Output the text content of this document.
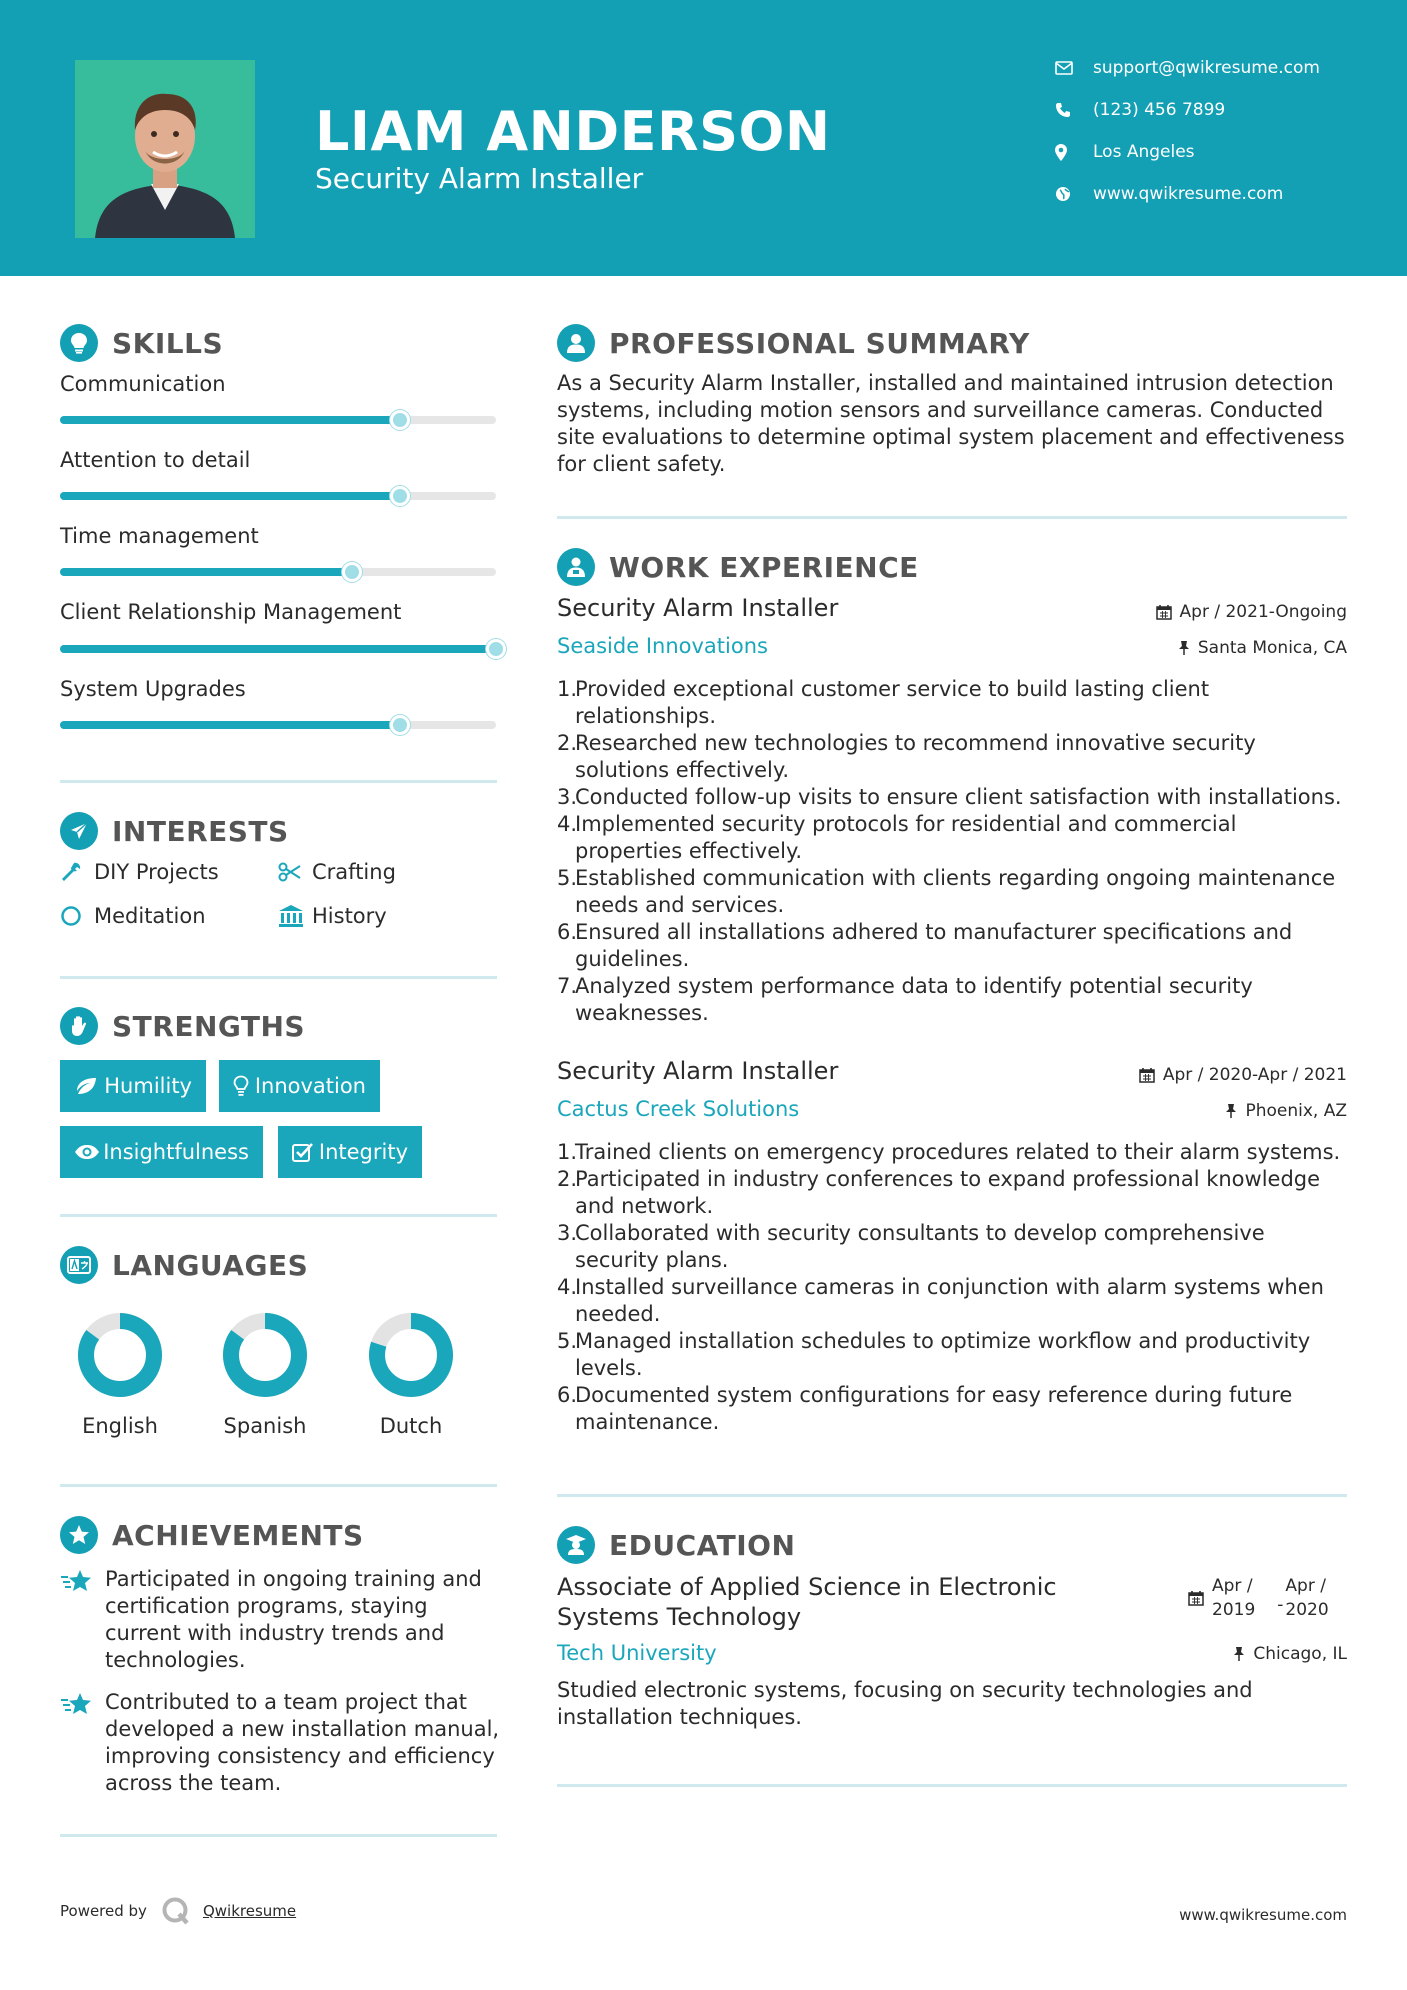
LIAM ANDERSON
Security Alarm Installer
support@qwikresume.com
(123) 456 7899
Los Angeles
www.qwikresume.com
SKILLS
Communication
Attention to detail
Time management
Client Relationship Management
System Upgrades
INTERESTS
DIY Projects	Crafting
Meditation	History
STRENGTHS
Humility	Innovation
Insightfulness	Integrity
LANGUAGES
English	Spanish	Dutch
ACHIEVEMENTS
Participated in ongoing training and certification programs, staying current with industry trends and technologies.
Contributed to a team project that developed a new installation manual, improving consistency and efficiency across the team.
PROFESSIONAL SUMMARY
As a Security Alarm Installer, installed and maintained intrusion detection systems, including motion sensors and surveillance cameras. Conducted site evaluations to determine optimal system placement and effectiveness for client safety.
WORK EXPERIENCE
Security Alarm Installer	Apr / 2021-Ongoing
Seaside Innovations	Santa Monica, CA
1.
Provided exceptional customer service to build lasting client relationships.
2.
Researched new technologies to recommend innovative security solutions effectively.
3.
Conducted follow-up visits to ensure client satisfaction with installations.
4.
Implemented security protocols for residential and commercial properties effectively.
5.
Established communication with clients regarding ongoing maintenance needs and services.
6.
Ensured all installations adhered to manufacturer specifications and guidelines.
7.
Analyzed system performance data to identify potential security weaknesses.
Security Alarm Installer	Apr / 2020-Apr / 2021
Cactus Creek Solutions	Phoenix, AZ
1.
Trained clients on emergency procedures related to their alarm systems.
2.
Participated in industry conferences to expand professional knowledge and network.
3.
Collaborated with security consultants to develop comprehensive security plans.
4.
Installed surveillance cameras in conjunction with alarm systems when needed.
5.
Managed installation schedules to optimize workflow and productivity levels.
6.
Documented system configurations for easy reference during future maintenance.
EDUCATION
Associate of Applied Science in Electronic
Systems Technology
Apr /
2019 -
Apr /
2020
Tech University	Chicago, IL
Studied electronic systems, focusing on security technologies and installation techniques.
Powered by	Qwikresume	www.qwikresume.com
